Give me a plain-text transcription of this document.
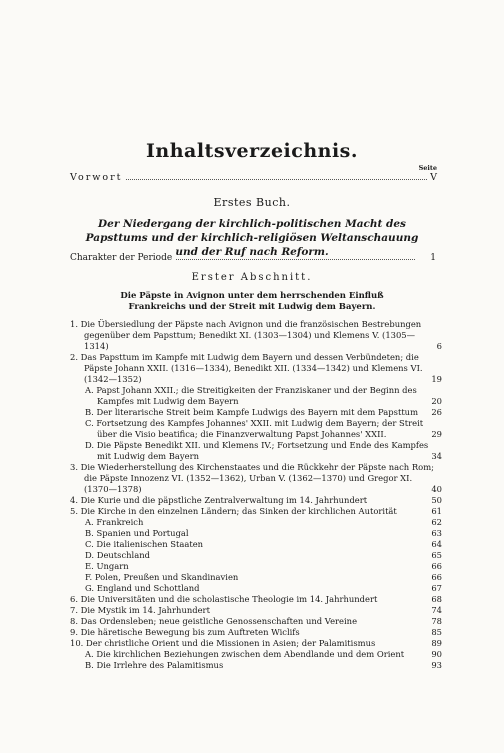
Inhaltsverzeichnis.
Seite
Vorwort	V
Erstes Buch.
Der Niedergang der kirchlich-politischen Macht des Papsttums und der kirchlich-religiösen Weltanschauung und der Ruf nach Reform.
Charakter der Periode	1
Erster Abschnitt.
Die Päpste in Avignon unter dem herrschenden Einfluß Frankreichs und der Streit mit Ludwig dem Bayern.
1. Die Übersiedlung der Päpste nach Avignon und die französischen Bestrebungen gegenüber dem Papsttum; Benedikt XI. (1303—1304) und Klemens V. (1305—1314)	6
2. Das Papsttum im Kampfe mit Ludwig dem Bayern und dessen Verbündeten; die Päpste Johann XXII. (1316—1334), Benedikt XII. (1334—1342) und Klemens VI. (1342—1352)	19
A. Papst Johann XXII.; die Streitigkeiten der Franziskaner und der Beginn des Kampfes mit Ludwig dem Bayern	20
B. Der literarische Streit beim Kampfe Ludwigs des Bayern mit dem Papsttum	26
C. Fortsetzung des Kampfes Johannes' XXII. mit Ludwig dem Bayern; der Streit über die Visio beatifica; die Finanzverwaltung Papst Johannes' XXII.	29
D. Die Päpste Benedikt XII. und Klemens IV.; Fortsetzung und Ende des Kampfes mit Ludwig dem Bayern	34
3. Die Wiederherstellung des Kirchenstaates und die Rückkehr der Päpste nach Rom; die Päpste Innozenz VI. (1352—1362), Urban V. (1362—1370) und Gregor XI. (1370—1378)	40
4. Die Kurie und die päpstliche Zentralverwaltung im 14. Jahrhundert	50
5. Die Kirche in den einzelnen Ländern; das Sinken der kirchlichen Autorität	61
A. Frankreich	62
B. Spanien und Portugal	63
C. Die italienischen Staaten	64
D. Deutschland	65
E. Ungarn	66
F. Polen, Preußen und Skandinavien	66
G. England und Schottland	67
6. Die Universitäten und die scholastische Theologie im 14. Jahrhundert	68
7. Die Mystik im 14. Jahrhundert	74
8. Das Ordensleben; neue geistliche Genossenschaften und Vereine	78
9. Die häretische Bewegung bis zum Auftreten Wiclifs	85
10. Der christliche Orient und die Missionen in Asien; der Palamitismus	89
A. Die kirchlichen Beziehungen zwischen dem Abendlande und dem Orient	90
B. Die Irrlehre des Palamitismus	93
